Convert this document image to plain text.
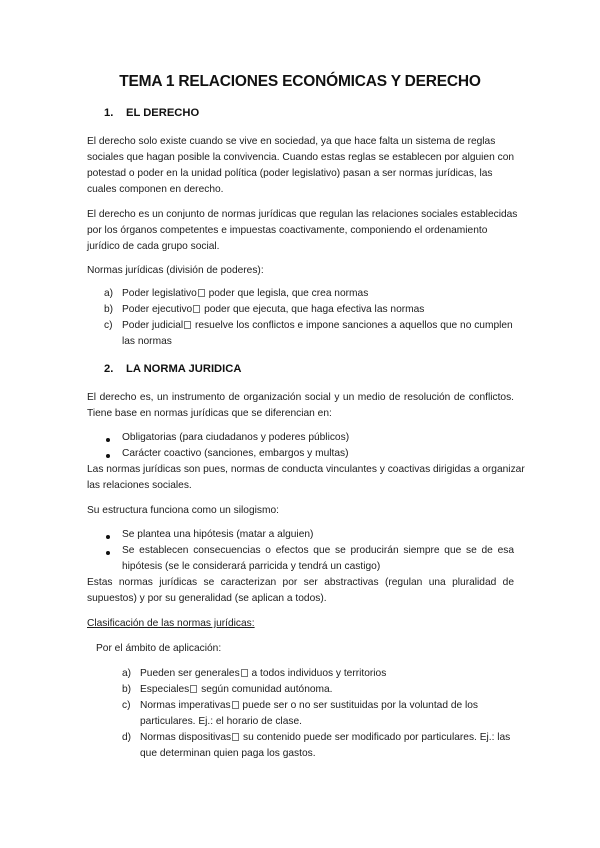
TEMA 1 RELACIONES ECONÓMICAS Y DERECHO
1. EL DERECHO
El derecho solo existe cuando se vive en sociedad, ya que hace falta un sistema de reglas
sociales que hagan posible la convivencia. Cuando estas reglas se establecen por alguien con
potestad o poder en la unidad política (poder legislativo) pasan a ser normas jurídicas, las
cuales componen en derecho.
El derecho es un conjunto de normas jurídicas que regulan las relaciones sociales establecidas
por los órganos competentes e impuestas coactivamente, componiendo el ordenamiento
jurídico de cada grupo social.
Normas jurídicas (división de poderes):
a) Poder legislativo poder que legisla, que crea normas
b) Poder ejecutivo poder que ejecuta, que haga efectiva las normas
c) Poder judicial resuelve los conflictos e impone sanciones a aquellos que no cumplen
las normas
2. LA NORMA JURIDICA
El derecho es, un instrumento de organización social y un medio de resolución de conflictos.
Tiene base en normas jurídicas que se diferencian en:
Obligatorias (para ciudadanos y poderes públicos)
Carácter coactivo (sanciones, embargos y multas)
Las normas jurídicas son pues, normas de conducta vinculantes y coactivas dirigidas a organizar
las relaciones sociales.
Su estructura funciona como un silogismo:
Se plantea una hipótesis (matar a alguien)
Se establecen consecuencias o efectos que se producirán siempre que se de esa
hipótesis (se le considerará parricida y tendrá un castigo)
Estas normas jurídicas se caracterizan por ser abstractivas (regulan una pluralidad de
supuestos) y por su generalidad (se aplican a todos).
Clasificación de las normas jurídicas:
Por el ámbito de aplicación:
a) Pueden ser generales a todos individuos y territorios
b) Especiales según comunidad autónoma.
c) Normas imperativas puede ser o no ser sustituidas por la voluntad de los
particulares. Ej.: el horario de clase.
d) Normas dispositivas su contenido puede ser modificado por particulares. Ej.: las
que determinan quien paga los gastos.
